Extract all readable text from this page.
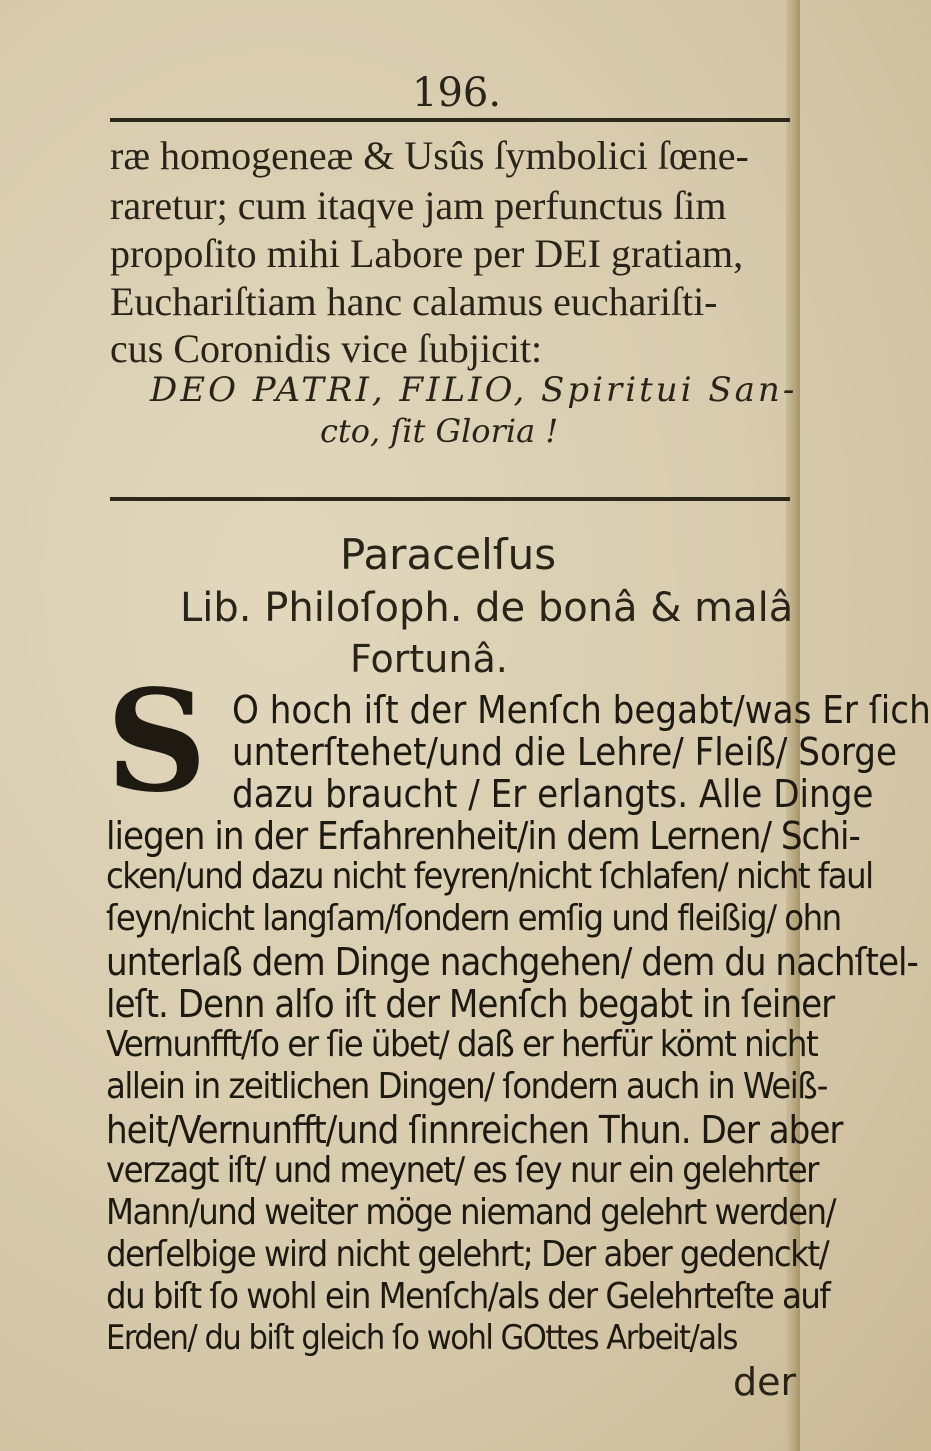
196.
ræ homogeneæ & Usûs ſymbolici ſœne-
raretur; cum itaqve jam perfunctus ſim
propoſito mihi Labore per DEI gratiam,
Euchariſtiam hanc calamus euchariſti-
cus Coronidis vice ſubjicit:
DEO PATRI, FILIO, Spiritui San-
cto, ſit Gloria !
Paracelſus
Lib. Philoſoph. de bonâ & malâ
Fortunâ.
S O hoch iſt der Menſch begabt/was Er ſich
unterſtehet/und die Lehre/ Fleiß/ Sorge
dazu braucht / Er erlangts. Alle Dinge
liegen in der Erfahrenheit/in dem Lernen/ Schi-
cken/und dazu nicht feyren/nicht ſchlafen/ nicht faul
ſeyn/nicht langſam/ſondern emſig und fleißig/ ohn
unterlaß dem Dinge nachgehen/ dem du nachſtel-
leſt. Denn alſo iſt der Menſch begabt in ſeiner
Vernunfft/ſo er ſie übet/ daß er herfür kömt nicht
allein in zeitlichen Dingen/ ſondern auch in Weiß-
heit/Vernunfft/und ſinnreichen Thun. Der aber
verzagt iſt/ und meynet/ es ſey nur ein gelehrter
Mann/und weiter möge niemand gelehrt werden/
derſelbige wird nicht gelehrt; Der aber gedenckt/
du biſt ſo wohl ein Menſch/als der Gelehrteſte auf
Erden/ du biſt gleich ſo wohl GOttes Arbeit/als
der
